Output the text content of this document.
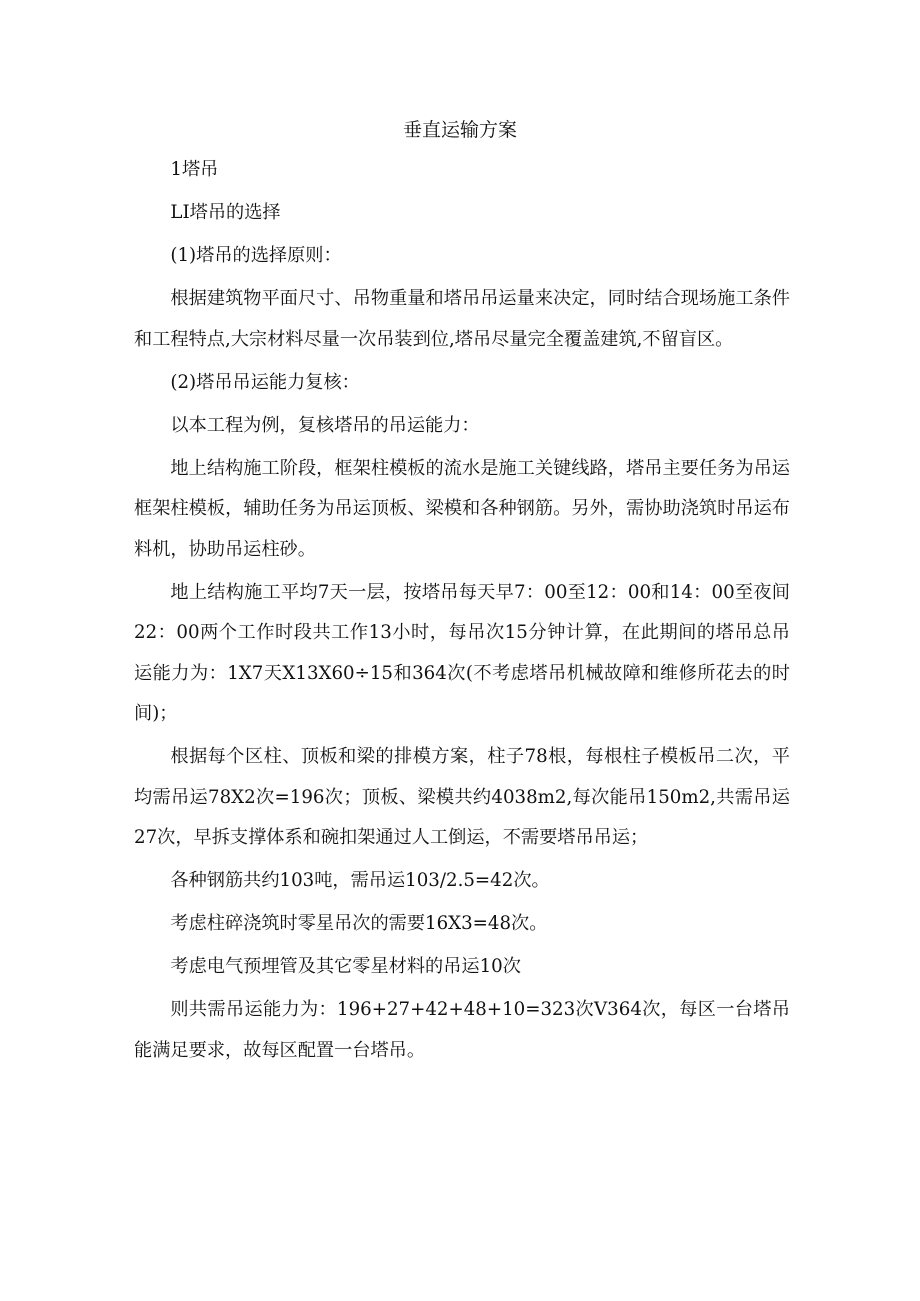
垂直运输方案

1塔吊

LI塔吊的选择

(1)塔吊的选择原则：

根据建筑物平面尺寸、吊物重量和塔吊吊运量来决定，同时结合现场施工条件和工程特点,大宗材料尽量一次吊装到位,塔吊尽量完全覆盖建筑,不留盲区。

(2)塔吊吊运能力复核：

以本工程为例，复核塔吊的吊运能力：

地上结构施工阶段，框架柱模板的流水是施工关键线路，塔吊主要任务为吊运框架柱模板，辅助任务为吊运顶板、梁模和各种钢筋。另外，需协助浇筑时吊运布料机，协助吊运柱砂。

地上结构施工平均7天一层，按塔吊每天早7：00至12：00和14：00至夜间22：00两个工作时段共工作13小时，每吊次15分钟计算，在此期间的塔吊总吊运能力为：1X7天X13X60÷15和364次(不考虑塔吊机械故障和维修所花去的时间)；

根据每个区柱、顶板和梁的排模方案，柱子78根，每根柱子模板吊二次，平均需吊运78X2次=196次；顶板、梁模共约4038m2,每次能吊150m2,共需吊运27次，早拆支撑体系和碗扣架通过人工倒运，不需要塔吊吊运；

各种钢筋共约103吨，需吊运103/2.5=42次。

考虑柱碎浇筑时零星吊次的需要16X3=48次。

考虑电气预埋管及其它零星材料的吊运10次

则共需吊运能力为：196+27+42+48+10=323次V364次，每区一台塔吊能满足要求，故每区配置一台塔吊。
